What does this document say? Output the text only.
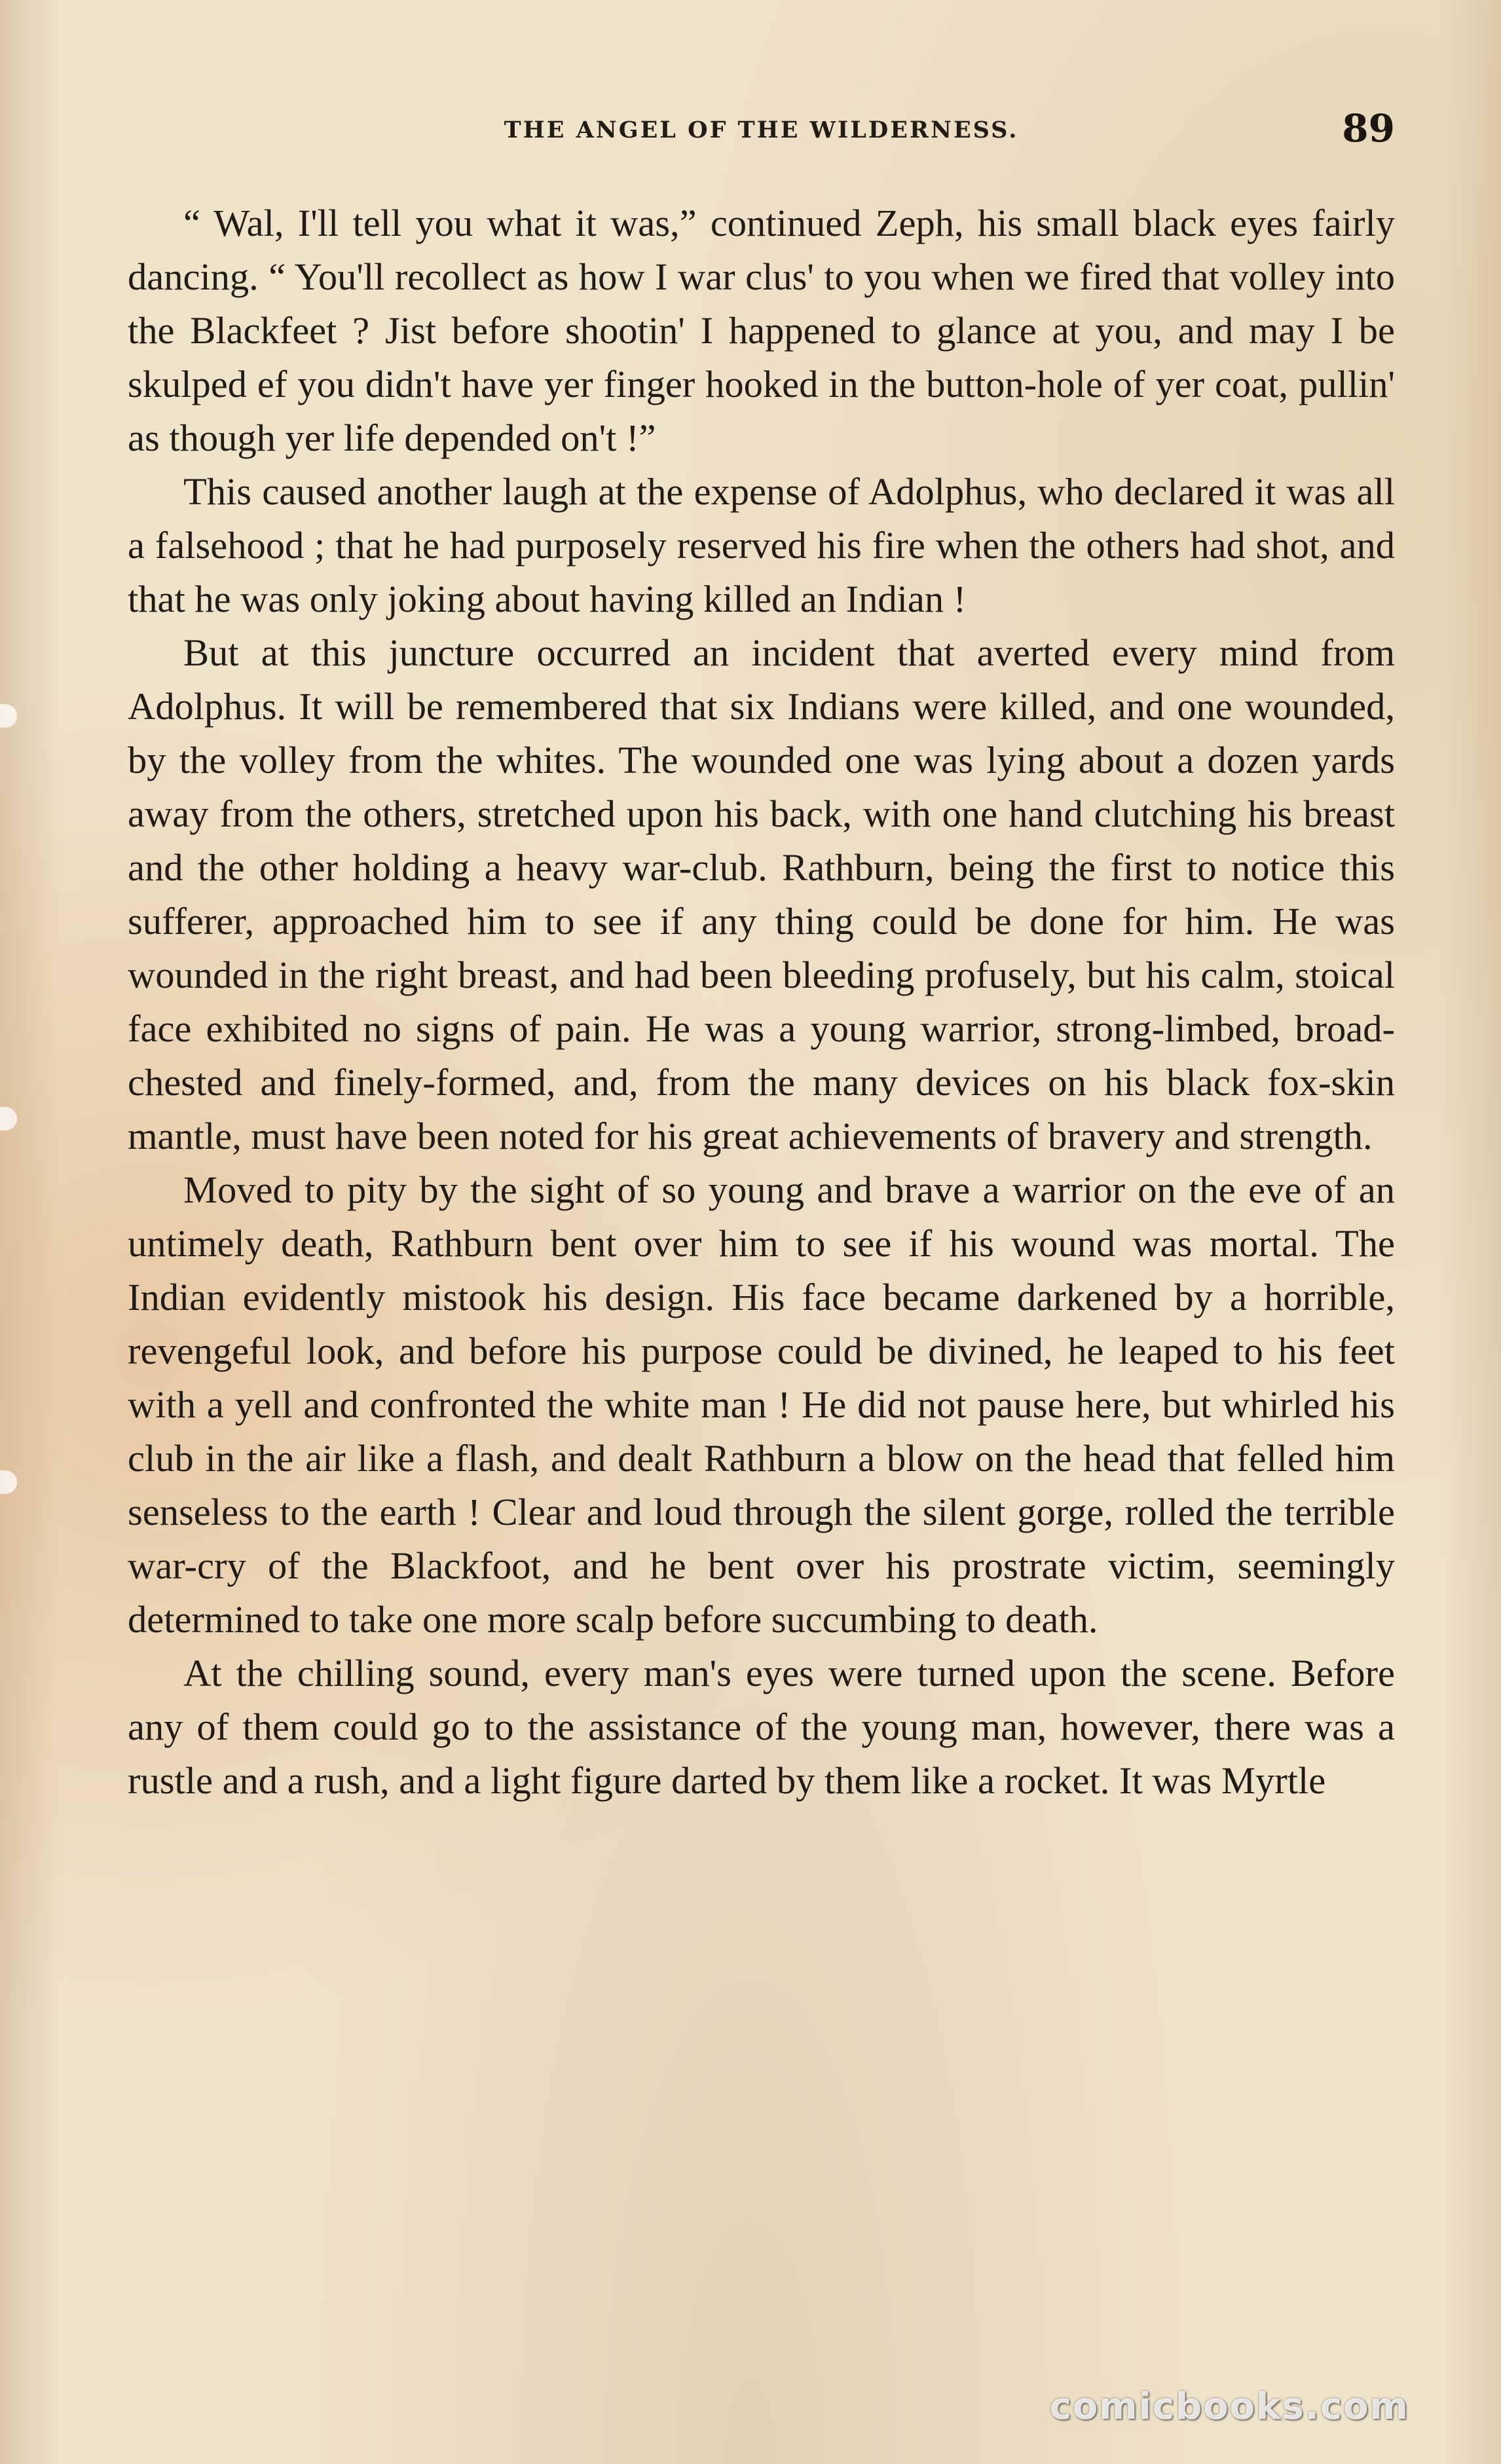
THE ANGEL OF THE WILDERNESS.	89

“ Wal, I'll tell you what it was,” continued Zeph, his small black eyes fairly dancing. “ You'll recollect as how I war clus' to you when we fired that volley into the Blackfeet ? Jist before shootin' I happened to glance at you, and may I be skulped ef you didn't have yer finger hooked in the button-hole of yer coat, pullin' as though yer life depended on't !”

This caused another laugh at the expense of Adolphus, who declared it was all a falsehood ; that he had purposely reserved his fire when the others had shot, and that he was only joking about having killed an Indian !

But at this juncture occurred an incident that averted every mind from Adolphus. It will be remembered that six Indians were killed, and one wounded, by the volley from the whites. The wounded one was lying about a dozen yards away from the others, stretched upon his back, with one hand clutching his breast and the other holding a heavy war-club. Rathburn, being the first to notice this sufferer, approached him to see if any thing could be done for him. He was wounded in the right breast, and had been bleeding profusely, but his calm, stoical face exhibited no signs of pain. He was a young warrior, strong-limbed, broad-chested and finely-formed, and, from the many devices on his black fox-skin mantle, must have been noted for his great achievements of bravery and strength.

Moved to pity by the sight of so young and brave a warrior on the eve of an untimely death, Rathburn bent over him to see if his wound was mortal. The Indian evidently mistook his design. His face became darkened by a horrible, revengeful look, and before his purpose could be divined, he leaped to his feet with a yell and confronted the white man ! He did not pause here, but whirled his club in the air like a flash, and dealt Rathburn a blow on the head that felled him senseless to the earth ! Clear and loud through the silent gorge, rolled the terrible war-cry of the Blackfoot, and he bent over his prostrate victim, seemingly determined to take one more scalp before succumbing to death.

At the chilling sound, every man's eyes were turned upon the scene. Before any of them could go to the assistance of the young man, however, there was a rustle and a rush, and a light figure darted by them like a rocket. It was Myrtle

comicbooks.com
